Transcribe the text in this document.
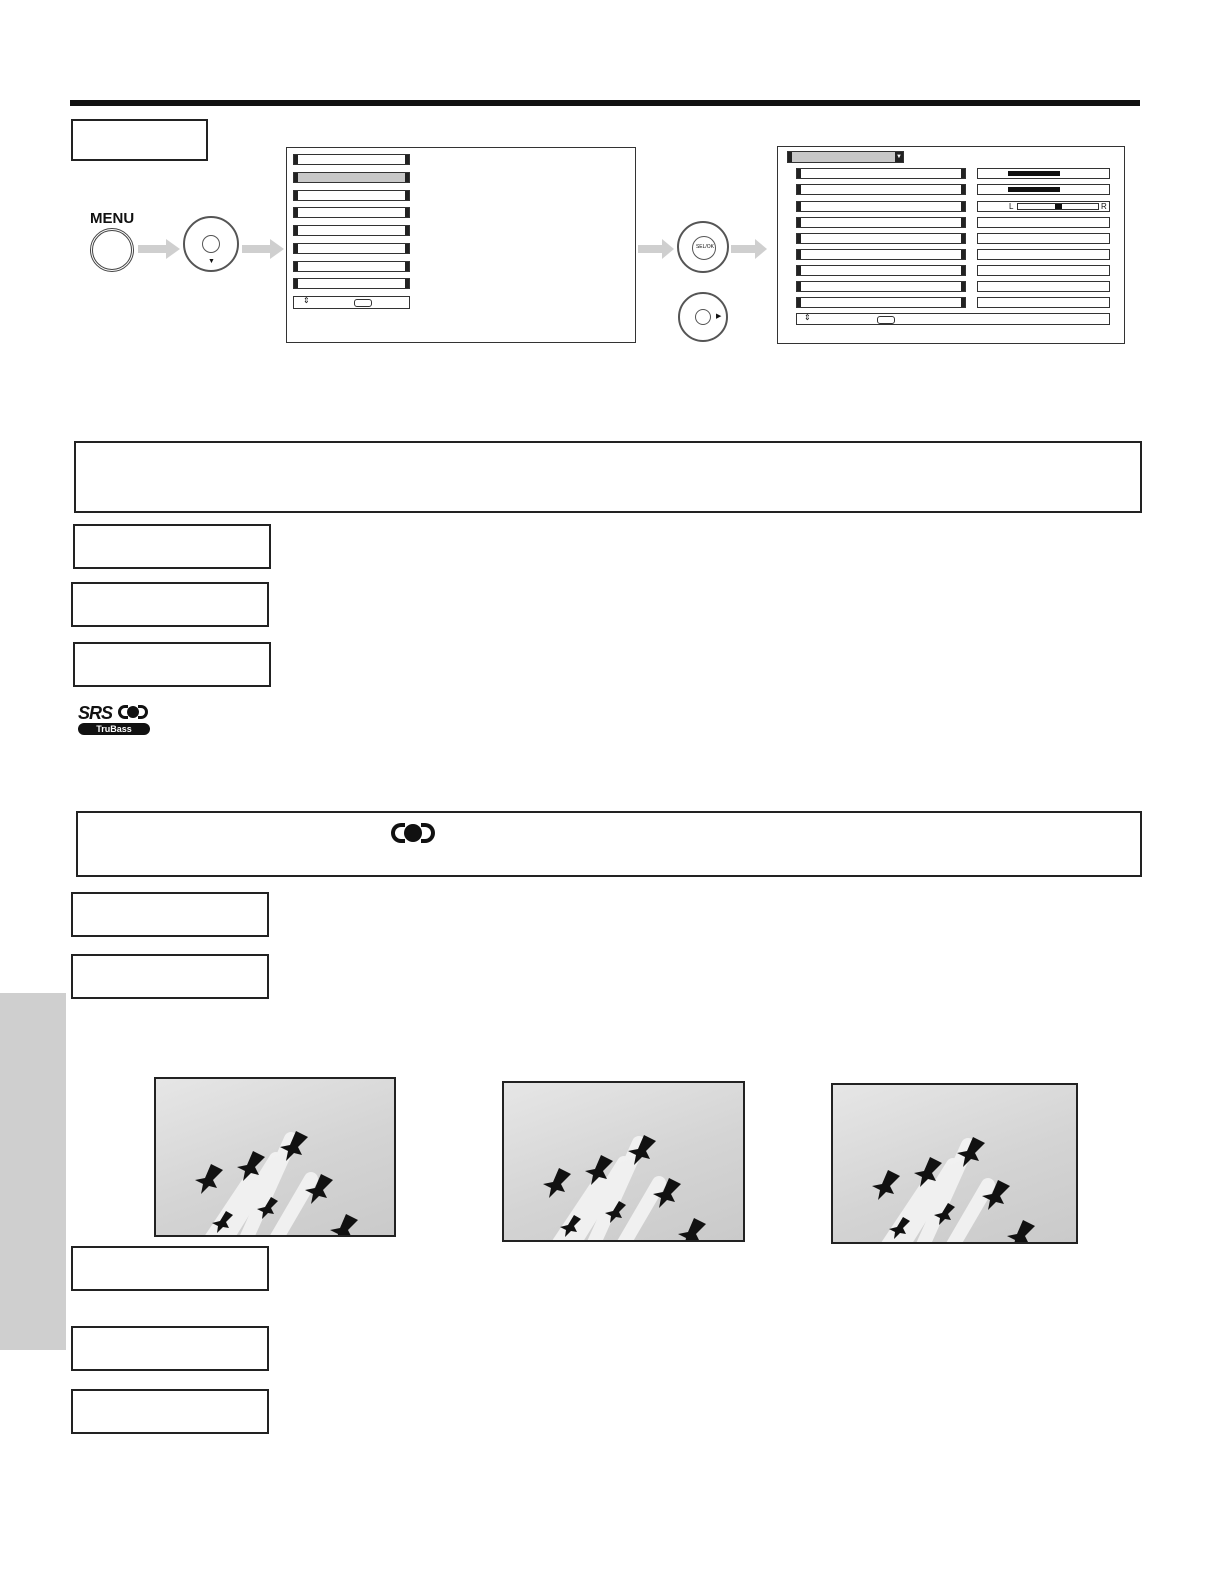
MENU
▼
⇕
SEL/OK
▶
▼
L	R
⇕
SRS
TruBass
